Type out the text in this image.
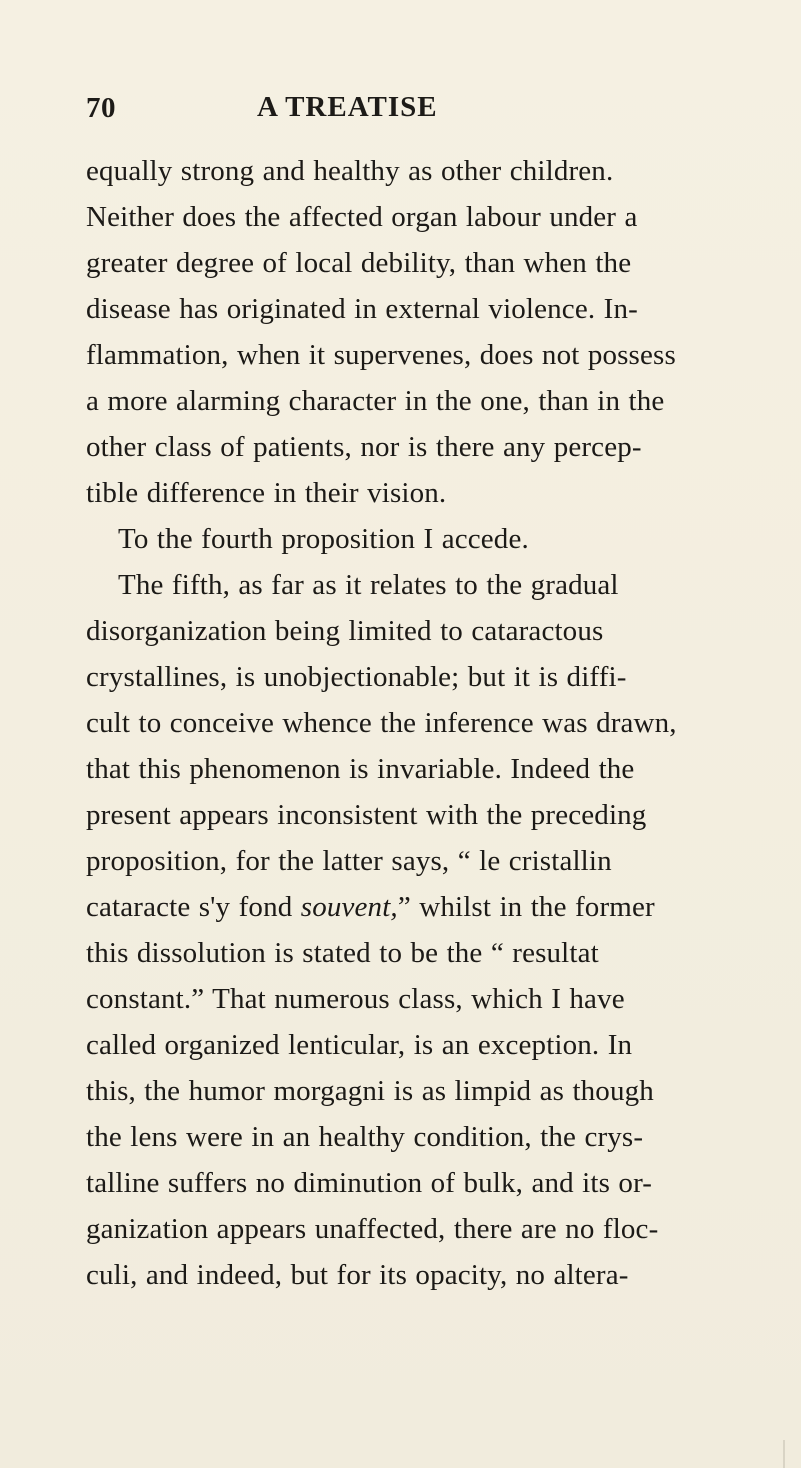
70	A TREATISE
equally strong and healthy as other children.
Neither does the affected organ labour under a
greater degree of local debility, than when the
disease has originated in external violence. In-
flammation, when it supervenes, does not possess
a more alarming character in the one, than in the
other class of patients, nor is there any percep-
tible difference in their vision.
To the fourth proposition I accede.
The fifth, as far as it relates to the gradual
disorganization being limited to cataractous
crystallines, is unobjectionable; but it is diffi-
cult to conceive whence the inference was drawn,
that this phenomenon is invariable. Indeed the
present appears inconsistent with the preceding
proposition, for the latter says, “ le cristallin
cataracte s'y fond souvent,” whilst in the former
this dissolution is stated to be the “ resultat
constant.” That numerous class, which I have
called organized lenticular, is an exception. In
this, the humor morgagni is as limpid as though
the lens were in an healthy condition, the crys-
talline suffers no diminution of bulk, and its or-
ganization appears unaffected, there are no floc-
culi, and indeed, but for its opacity, no altera-
